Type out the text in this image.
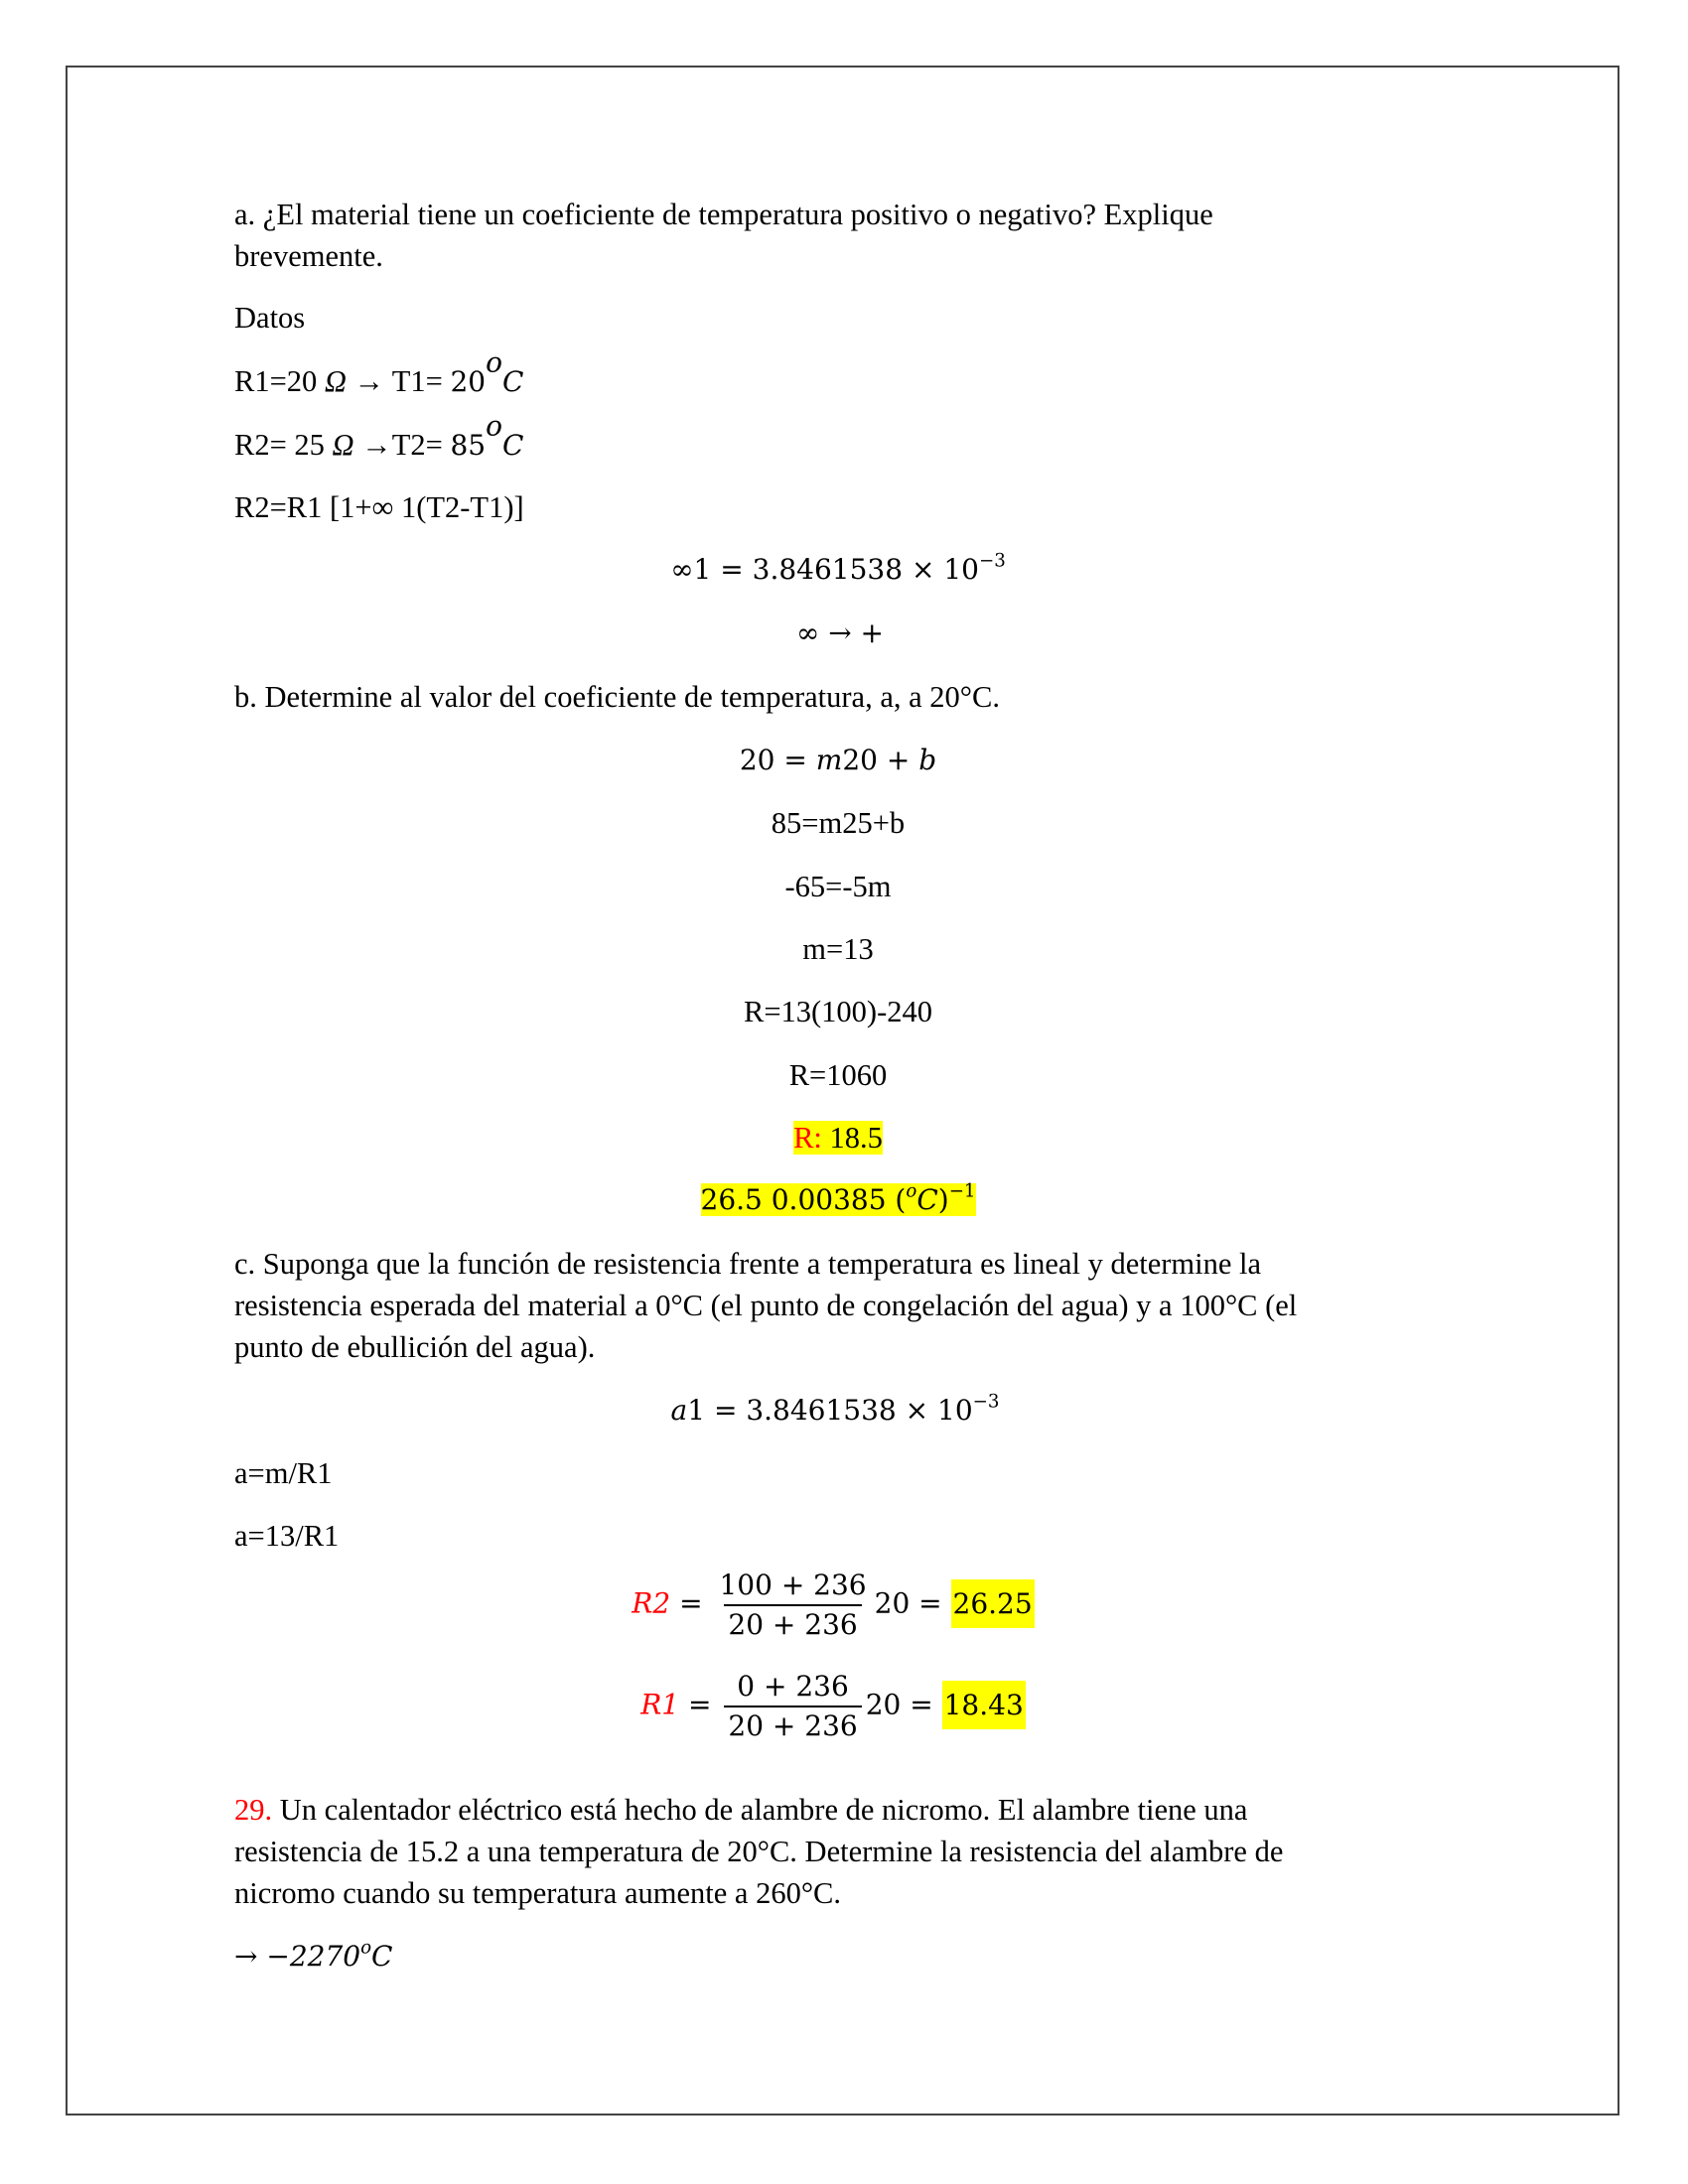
a. ¿El material tiene un coeficiente de temperatura positivo o negativo? Explique

brevemente.

Datos

R1=20 $\Omega \to T1= 20^oC$

R2= 25 $\Omega \to T2= 85^oC$

R2=R1 [1+∞ 1(T2-T1)]

$\infty 1 = 3.8461538 \times 10^{-3}$

∞ → +

b. Determine al valor del coeficiente de temperatura, a, a 20°C.

20 = m20 + b

85=m25+b

-65=-5m

m=13

R=13(100)-240

R=1060

R: 18.5

26.5 0.00385 $(^oC)^{-1}$

c. Suponga que la función de resistencia frente a temperatura es lineal y determine la

resistencia esperada del material a 0°C (el punto de congelación del agua) y a 100°C (el

punto de ebullición del agua).

$a1 = 3.8461538 \times 10^{-3}$

a=m/R1

a=13/R1

$R2 = \frac{100 + 236}{20 + 236} 20 = 26.25$
$R1 = \frac{0 + 236}{20 + 236} 20 = 18.43$

29. Un calentador eléctrico está hecho de alambre de nicromo. El alambre tiene una

resistencia de 15.2 a una temperatura de 20°C. Determine la resistencia del alambre de

nicromo cuando su temperatura aumente a 260°C.

→ $-2270^oC$
